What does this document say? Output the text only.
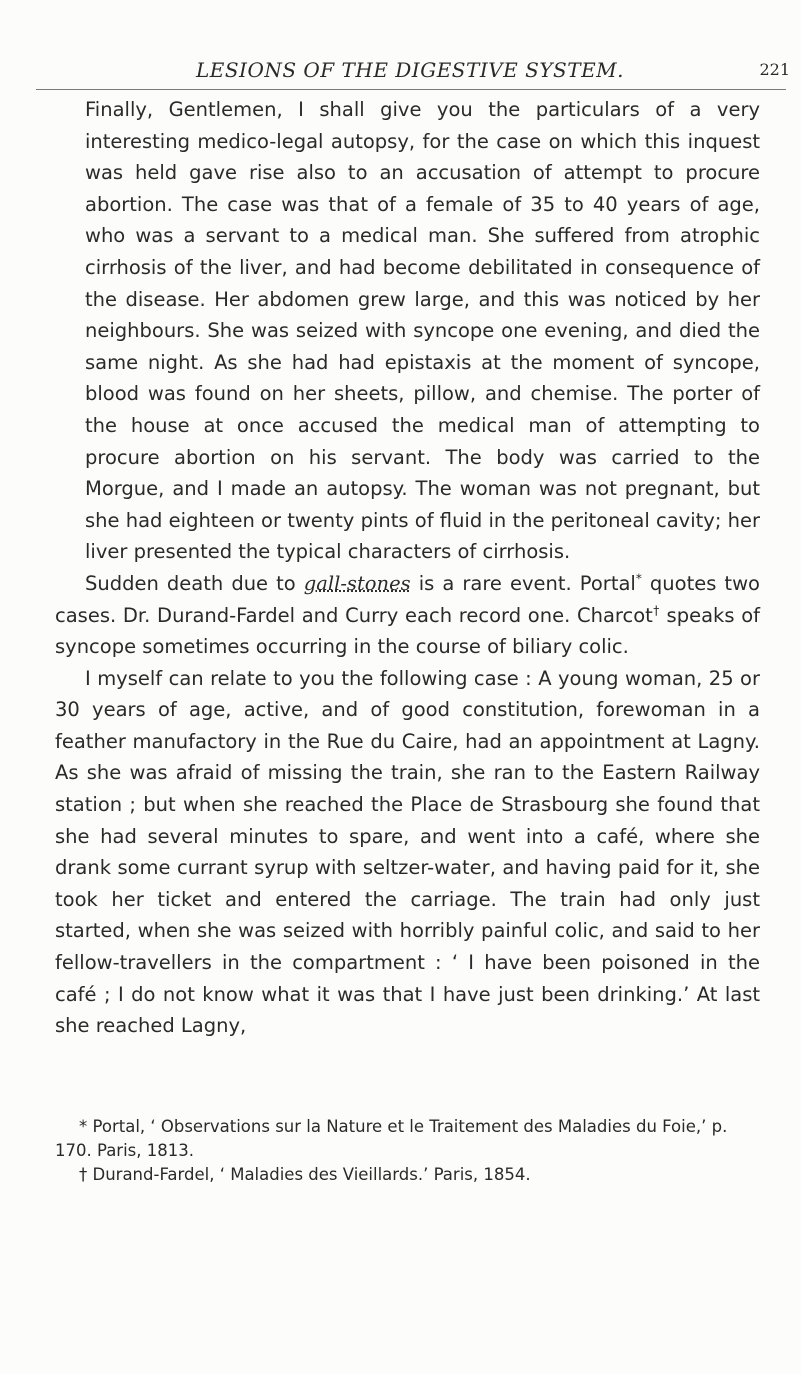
LESIONS OF THE DIGESTIVE SYSTEM.	221

Finally, Gentlemen, I shall give you the particulars of a very interesting medico-legal autopsy, for the case on which this inquest was held gave rise also to an accusation of attempt to procure abortion. The case was that of a female of 35 to 40 years of age, who was a servant to a medical man. She suffered from atrophic cirrhosis of the liver, and had become debilitated in consequence of the disease. Her abdomen grew large, and this was noticed by her neighbours. She was seized with syncope one evening, and died the same night. As she had had epistaxis at the moment of syncope, blood was found on her sheets, pillow, and chemise. The porter of the house at once accused the medical man of attempting to procure abortion on his servant. The body was carried to the Morgue, and I made an autopsy. The woman was not pregnant, but she had eighteen or twenty pints of fluid in the peritoneal cavity; her liver presented the typical characters of cirrhosis.

Sudden death due to gall-stones is a rare event. Portal* quotes two cases. Dr. Durand-Fardel and Curry each record one. Charcot† speaks of syncope sometimes occurring in the course of biliary colic.

I myself can relate to you the following case : A young woman, 25 or 30 years of age, active, and of good constitution, forewoman in a feather manufactory in the Rue du Caire, had an appointment at Lagny. As she was afraid of missing the train, she ran to the Eastern Railway station ; but when she reached the Place de Strasbourg she found that she had several minutes to spare, and went into a café, where she drank some currant syrup with seltzer-water, and having paid for it, she took her ticket and entered the carriage. The train had only just started, when she was seized with horribly painful colic, and said to her fellow-travellers in the compartment : ‘ I have been poisoned in the café ; I do not know what it was that I have just been drinking.’ At last she reached Lagny,

* Portal, ‘ Observations sur la Nature et le Traitement des Maladies du Foie,’ p. 170. Paris, 1813.

† Durand-Fardel, ‘ Maladies des Vieillards.’ Paris, 1854.
